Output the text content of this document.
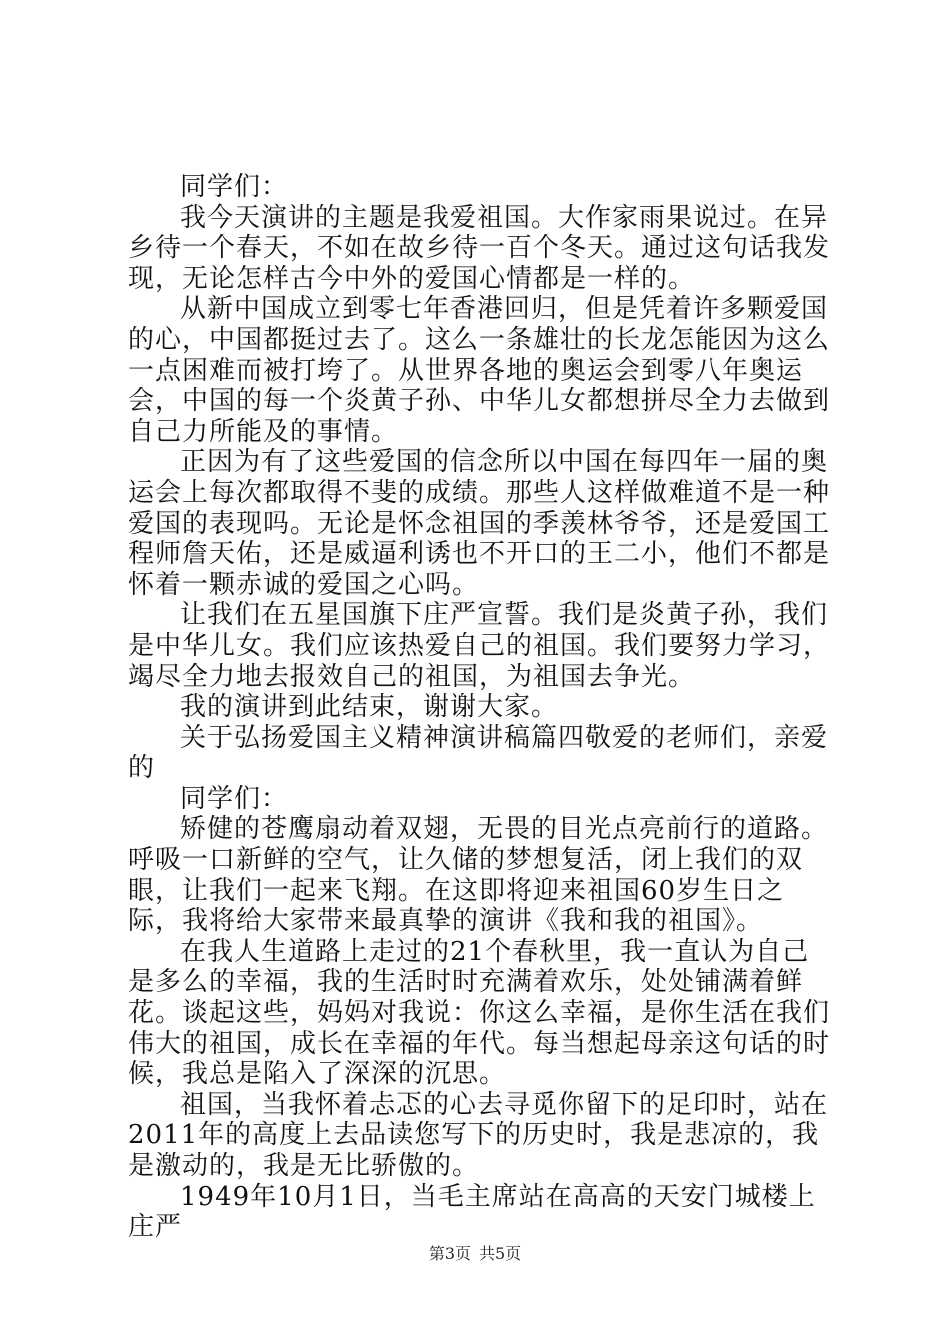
同学们：

我今天演讲的主题是我爱祖国。大作家雨果说过。在异乡待一个春天，不如在故乡待一百个冬天。通过这句话我发现，无论怎样古今中外的爱国心情都是一样的。

从新中国成立到零七年香港回归，但是凭着许多颗爱国的心，中国都挺过去了。这么一条雄壮的长龙怎能因为这么一点困难而被打垮了。从世界各地的奥运会到零八年奥运会，中国的每一个炎黄子孙、中华儿女都想拼尽全力去做到自己力所能及的事情。

正因为有了这些爱国的信念所以中国在每四年一届的奥运会上每次都取得不斐的成绩。那些人这样做难道不是一种爱国的表现吗。无论是怀念祖国的季羡林爷爷，还是爱国工程师詹天佑，还是威逼利诱也不开口的王二小，他们不都是怀着一颗赤诚的爱国之心吗。

让我们在五星国旗下庄严宣誓。我们是炎黄子孙，我们是中华儿女。我们应该热爱自己的祖国。我们要努力学习，竭尽全力地去报效自己的祖国，为祖国去争光。

我的演讲到此结束，谢谢大家。

关于弘扬爱国主义精神演讲稿篇四敬爱的老师们，亲爱的

同学们：

矫健的苍鹰扇动着双翅，无畏的目光点亮前行的道路。呼吸一口新鲜的空气，让久储的梦想复活，闭上我们的双眼，让我们一起来飞翔。在这即将迎来祖国60岁生日之际，我将给大家带来最真挚的演讲《我和我的祖国》。

在我人生道路上走过的21个春秋里，我一直认为自己是多么的幸福，我的生活时时充满着欢乐，处处铺满着鲜花。谈起这些，妈妈对我说：你这么幸福，是你生活在我们伟大的祖国，成长在幸福的年代。每当想起母亲这句话的时候，我总是陷入了深深的沉思。

祖国，当我怀着忐忑的心去寻觅你留下的足印时，站在2011年的高度上去品读您写下的历史时，我是悲凉的，我是激动的，我是无比骄傲的。

1949年10月1日，当毛主席站在高高的天安门城楼上庄严

第3页 共5页
